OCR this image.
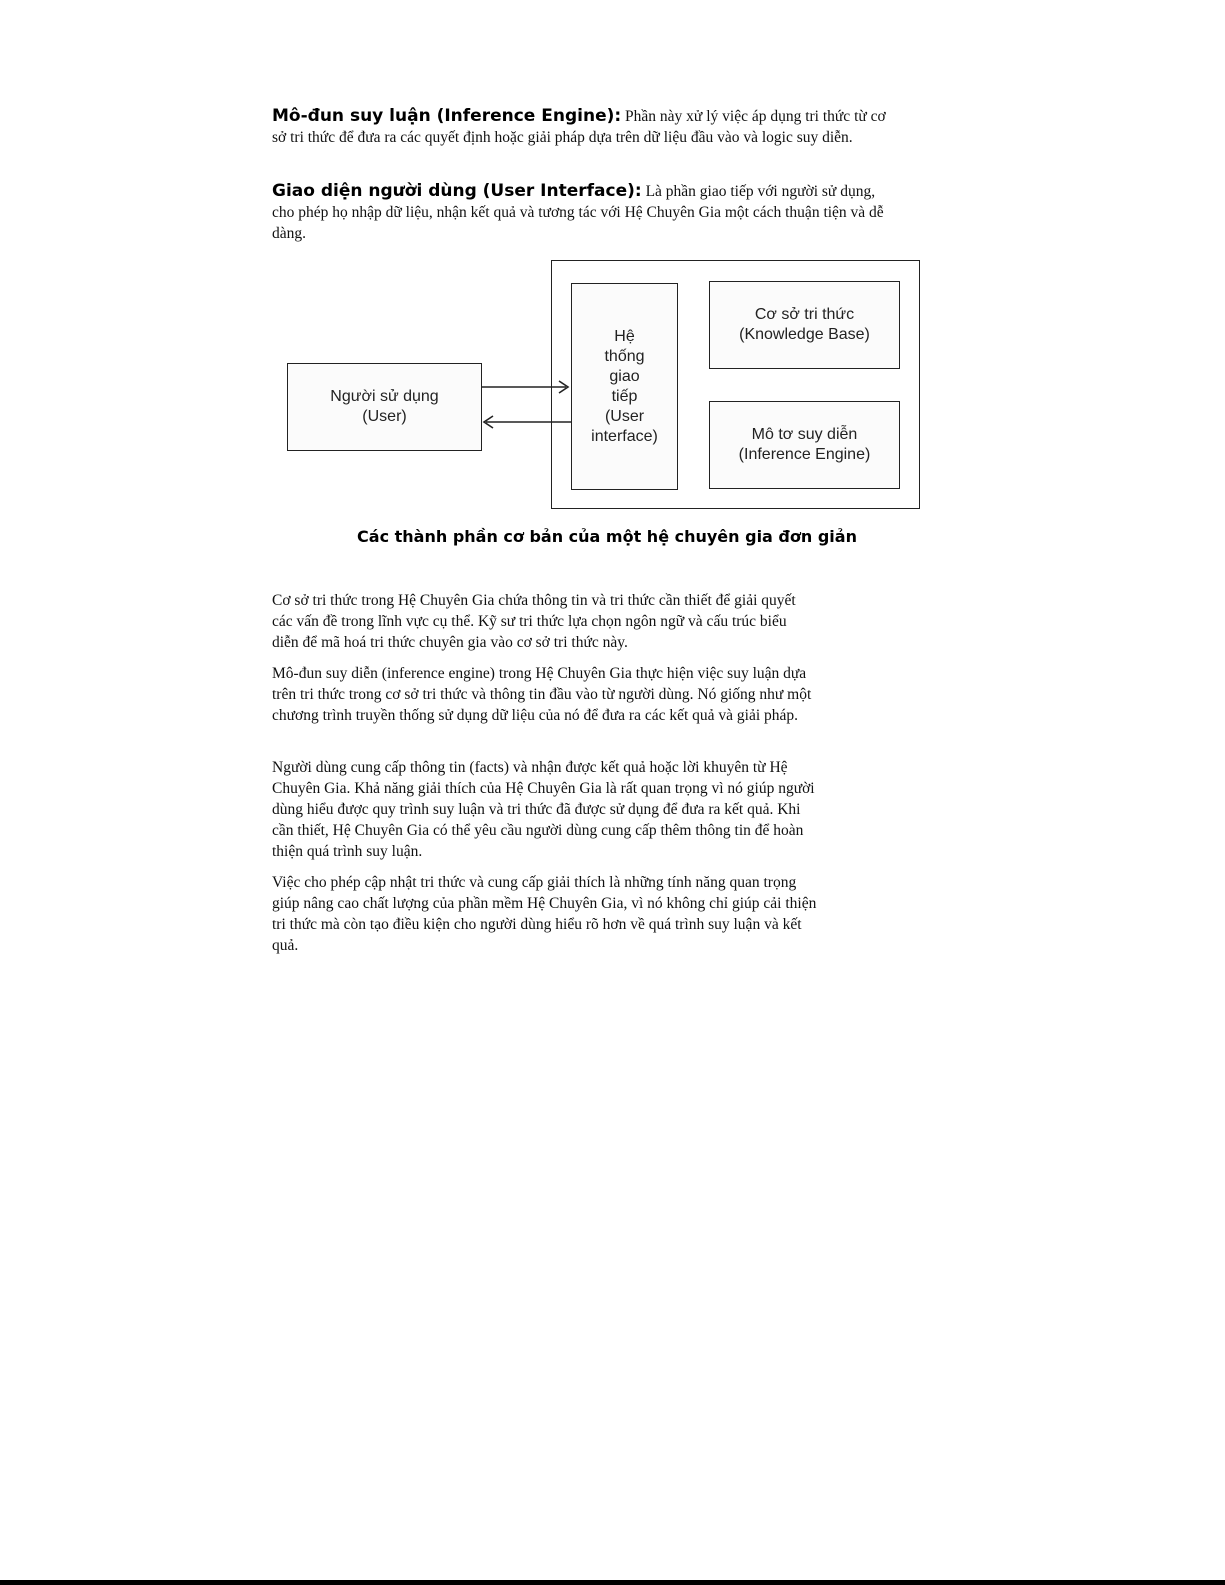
Mô-đun suy luận (Inference Engine): Phần này xử lý việc áp dụng tri thức từ cơ sở tri thức để đưa ra các quyết định hoặc giải pháp dựa trên dữ liệu đầu vào và logic suy diễn.
Giao diện người dùng (User Interface): Là phần giao tiếp với người sử dụng, cho phép họ nhập dữ liệu, nhận kết quả và tương tác với Hệ Chuyên Gia một cách thuận tiện và dễ dàng.
Người sử dụng
(User)
Hệ
thống
giao
tiếp
(User
interface)
Cơ sở tri thức
(Knowledge Base)
Mô tơ suy diễn
(Inference Engine)
Các thành phần cơ bản của một hệ chuyên gia đơn giản
Cơ sở tri thức trong Hệ Chuyên Gia chứa thông tin và tri thức cần thiết để giải quyết các vấn đề trong lĩnh vực cụ thể. Kỹ sư tri thức lựa chọn ngôn ngữ và cấu trúc biểu diễn để mã hoá tri thức chuyên gia vào cơ sở tri thức này.
Mô-đun suy diễn (inference engine) trong Hệ Chuyên Gia thực hiện việc suy luận dựa trên tri thức trong cơ sở tri thức và thông tin đầu vào từ người dùng. Nó giống như một chương trình truyền thống sử dụng dữ liệu của nó để đưa ra các kết quả và giải pháp.
Người dùng cung cấp thông tin (facts) và nhận được kết quả hoặc lời khuyên từ Hệ Chuyên Gia. Khả năng giải thích của Hệ Chuyên Gia là rất quan trọng vì nó giúp người dùng hiểu được quy trình suy luận và tri thức đã được sử dụng để đưa ra kết quả. Khi cần thiết, Hệ Chuyên Gia có thể yêu cầu người dùng cung cấp thêm thông tin để hoàn thiện quá trình suy luận.
Việc cho phép cập nhật tri thức và cung cấp giải thích là những tính năng quan trọng giúp nâng cao chất lượng của phần mềm Hệ Chuyên Gia, vì nó không chỉ giúp cải thiện tri thức mà còn tạo điều kiện cho người dùng hiểu rõ hơn về quá trình suy luận và kết quả.
